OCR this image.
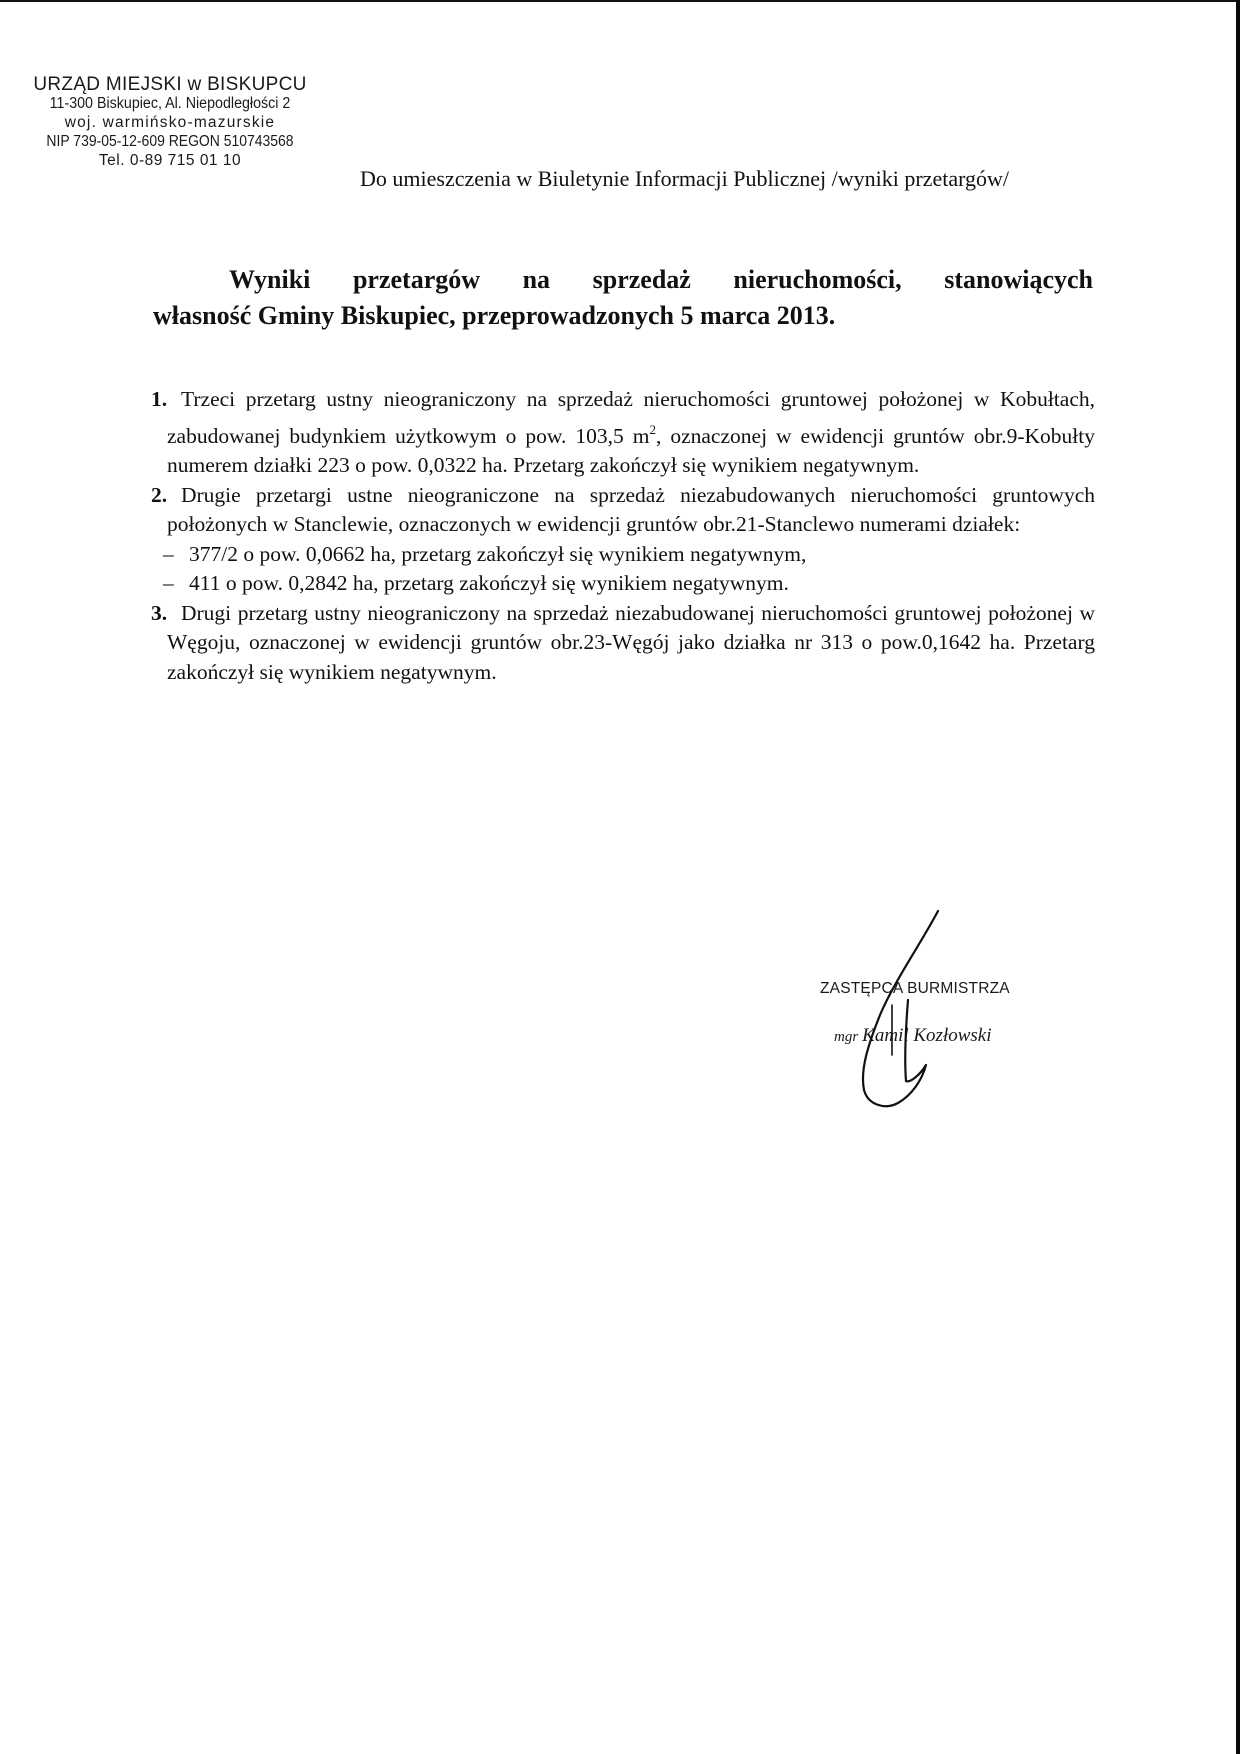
URZĄD MIEJSKI w BISKUPCU
11-300 Biskupiec, Al. Niepodległości 2
woj. warmińsko-mazurskie
NIP 739-05-12-609 REGON 510743568
Tel. 0-89 715 01 10
Do umieszczenia w Biuletynie Informacji Publicznej /wyniki przetargów/
Wyniki przetargów na sprzedaż nieruchomości, stanowiących
własność Gminy Biskupiec, przeprowadzonych 5 marca 2013.
1. Trzeci przetarg ustny nieograniczony na sprzedaż nieruchomości gruntowej położonej w Kobułtach, zabudowanej budynkiem użytkowym o pow. 103,5 $m^2$, oznaczonej w ewidencji gruntów obr.9-Kobułty numerem działki 223 o pow. 0,0322 ha. Przetarg zakończył się wynikiem negatywnym.
2. Drugie przetargi ustne nieograniczone na sprzedaż niezabudowanych nieruchomości gruntowych położonych w Stanclewie, oznaczonych w ewidencji gruntów obr.21-Stanclewo numerami działek:
– 377/2 o pow. 0,0662 ha, przetarg zakończył się wynikiem negatywnym,
– 411 o pow. 0,2842 ha, przetarg zakończył się wynikiem negatywnym.
3. Drugi przetarg ustny nieograniczony na sprzedaż niezabudowanej nieruchomości gruntowej położonej w Węgoju, oznaczonej w ewidencji gruntów obr.23-Węgój jako działka nr 313 o pow.0,1642 ha. Przetarg zakończył się wynikiem negatywnym.
ZASTĘPCA BURMISTRZA
mgr Kamil Kozłowski
